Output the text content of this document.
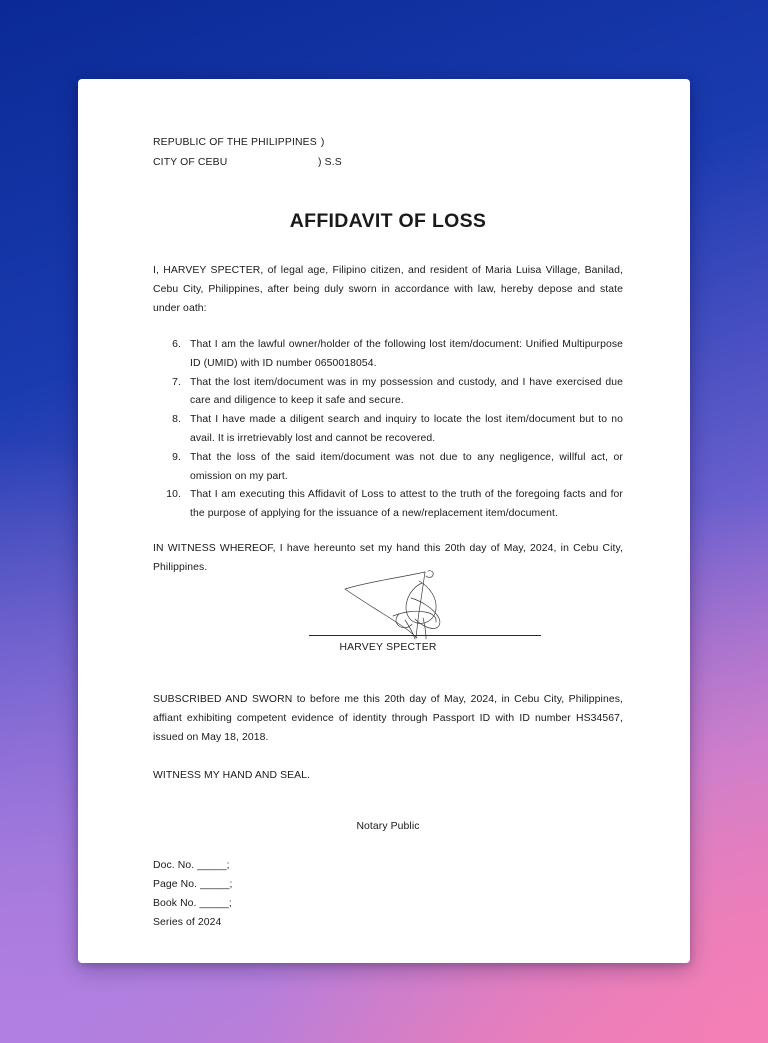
REPUBLIC OF THE PHILIPPINES )
CITY OF CEBU	) S.S
AFFIDAVIT OF LOSS
I, HARVEY SPECTER, of legal age, Filipino citizen, and resident of Maria Luisa Village, Banilad, Cebu City, Philippines, after being duly sworn in accordance with law, hereby depose and state under oath:
6. That I am the lawful owner/holder of the following lost item/document: Unified Multipurpose ID (UMID) with ID number 0650018054.
7. That the lost item/document was in my possession and custody, and I have exercised due care and diligence to keep it safe and secure.
8. That I have made a diligent search and inquiry to locate the lost item/document but to no avail. It is irretrievably lost and cannot be recovered.
9. That the loss of the said item/document was not due to any negligence, willful act, or omission on my part.
10. That I am executing this Affidavit of Loss to attest to the truth of the foregoing facts and for the purpose of applying for the issuance of a new/replacement item/document.
IN WITNESS WHEREOF, I have hereunto set my hand this 20th day of May, 2024, in Cebu City, Philippines.
HARVEY SPECTER
SUBSCRIBED AND SWORN to before me this 20th day of May, 2024, in Cebu City, Philippines, affiant exhibiting competent evidence of identity through Passport ID with ID number HS34567, issued on May 18, 2018.
WITNESS MY HAND AND SEAL.
Notary Public
Doc. No. _____;
Page No. _____;
Book No. _____;
Series of 2024
